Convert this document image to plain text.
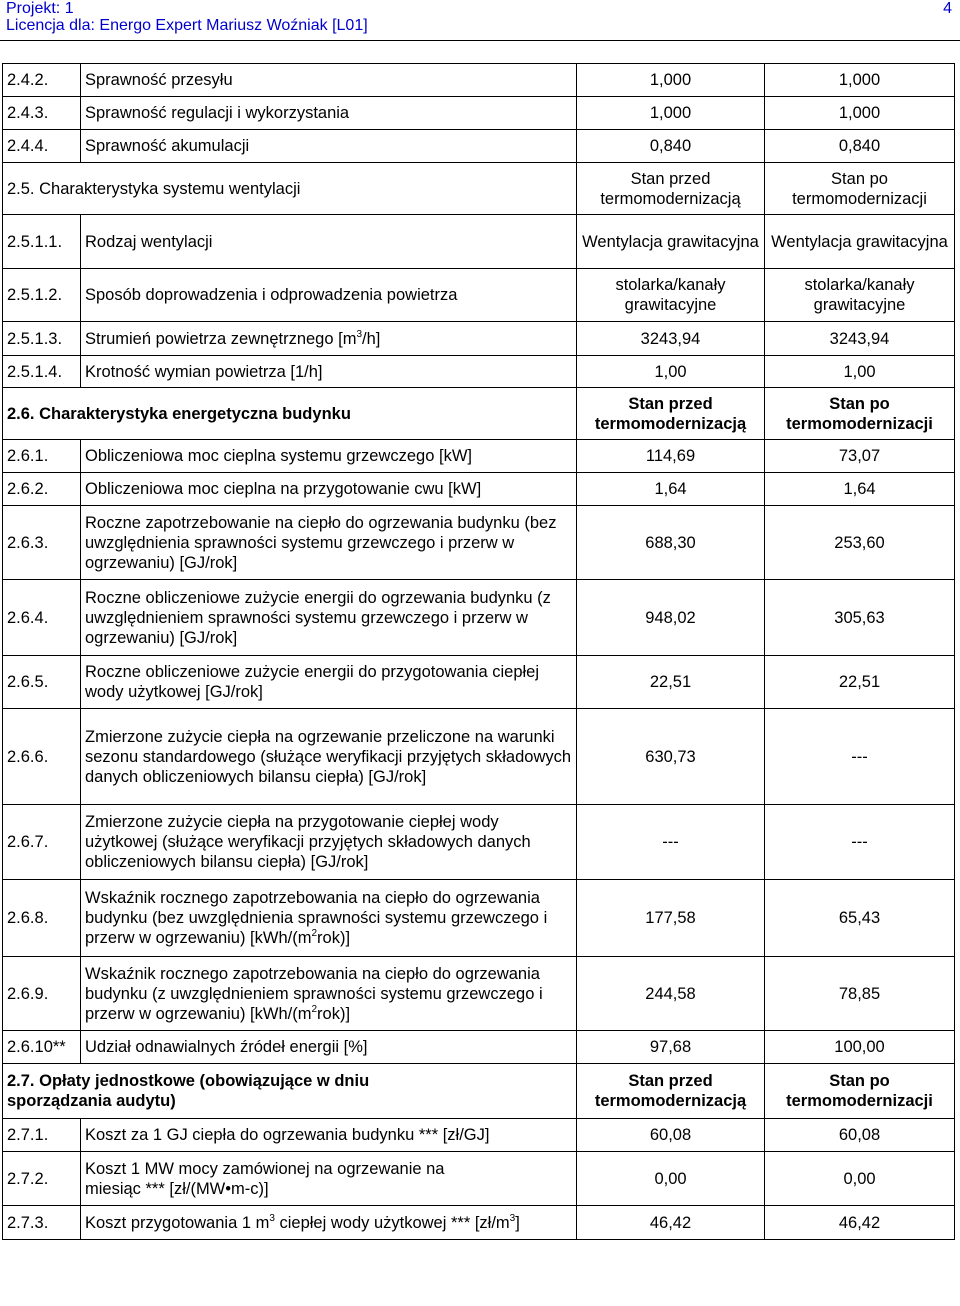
Projekt: 1
Licencja dla: Energo Expert Mariusz Woźniak [L01]
4
2.4.2.	Sprawność przesyłu	1,000	1,000
2.4.3.	Sprawność regulacji i wykorzystania	1,000	1,000
2.4.4.	Sprawność akumulacji	0,840	0,840
2.5. Charakterystyka systemu wentylacji		Stan przed termomodernizacją	Stan po termomodernizacji
2.5.1.1.	Rodzaj wentylacji	Wentylacja grawitacyjna	Wentylacja grawitacyjna
2.5.1.2.	Sposób doprowadzenia i odprowadzenia powietrza	stolarka/kanały grawitacyjne	stolarka/kanały grawitacyjne
2.5.1.3.	Strumień powietrza zewnętrznego $[m^3/h]$	3243,94	3243,94
2.5.1.4.	Krotność wymian powietrza [1/h]	1,00	1,00
2.6. Charakterystyka energetyczna budynku		Stan przed termomodernizacją	Stan po termomodernizacji
2.6.1.	Obliczeniowa moc cieplna systemu grzewczego [kW]	114,69	73,07
2.6.2.	Obliczeniowa moc cieplna na przygotowanie cwu [kW]	1,64	1,64
2.6.3.	Roczne zapotrzebowanie na ciepło do ogrzewania budynku (bez uwzględnienia sprawności systemu grzewczego i przerw w ogrzewaniu) [GJ/rok]	688,30	253,60
2.6.4.	Roczne obliczeniowe zużycie energii do ogrzewania budynku (z uwzględnieniem sprawności systemu grzewczego i przerw w ogrzewaniu) [GJ/rok]	948,02	305,63
2.6.5.	Roczne obliczeniowe zużycie energii do przygotowania ciepłej wody użytkowej [GJ/rok]	22,51	22,51
2.6.6.	Zmierzone zużycie ciepła na ogrzewanie przeliczone na warunki sezonu standardowego (służące weryfikacji przyjętych składowych danych obliczeniowych bilansu ciepła) [GJ/rok]	630,73	---
2.6.7.	Zmierzone zużycie ciepła na przygotowanie ciepłej wody użytkowej (służące weryfikacji przyjętych składowych danych obliczeniowych bilansu ciepła) [GJ/rok]	---	---
2.6.8.	Wskaźnik rocznego zapotrzebowania na ciepło do ogrzewania budynku (bez uwzględnienia sprawności systemu grzewczego i przerw w ogrzewaniu) $[kWh/(m^2rok)]$	177,58	65,43
2.6.9.	Wskaźnik rocznego zapotrzebowania na ciepło do ogrzewania budynku (z uwzględnieniem sprawności systemu grzewczego i przerw w ogrzewaniu) $[kWh/(m^2rok)]$	244,58	78,85
2.6.10**	Udział odnawialnych źródeł energii [%]	97,68	100,00
2.7. Opłaty jednostkowe (obowiązujące w dniu sporządzania audytu)		Stan przed termomodernizacją	Stan po termomodernizacji
2.7.1.	Koszt za 1 GJ ciepła do ogrzewania budynku *** [zł/GJ]	60,08	60,08
2.7.2.	Koszt 1 MW mocy zamówionej na ogrzewanie na miesiąc *** [zł/(MW•m-c)]	0,00	0,00
2.7.3.	Koszt przygotowania 1 $m^3$ ciepłej wody użytkowej *** $[zł/m^3]$	46,42	46,42
